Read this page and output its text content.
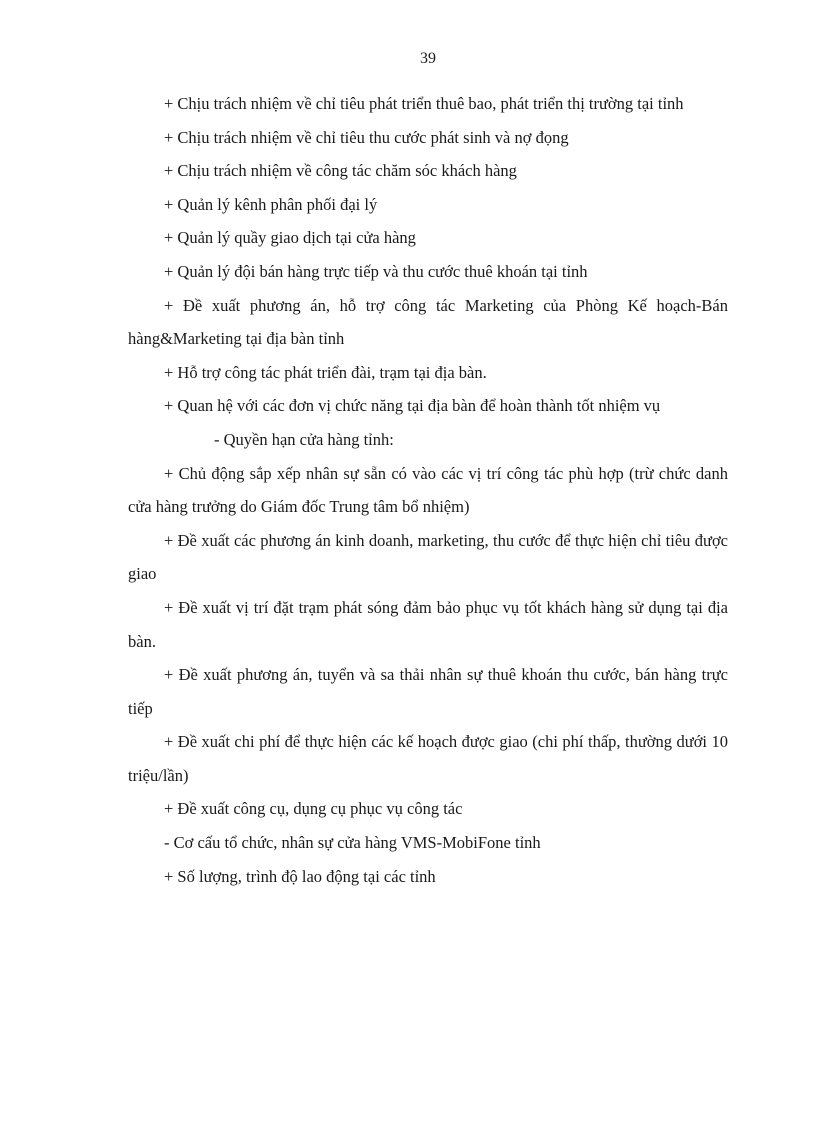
39

+ Chịu trách nhiệm về chỉ tiêu phát triển thuê bao, phát triển thị trường tại tỉnh

+ Chịu trách nhiệm về chỉ tiêu thu cước phát sinh và nợ đọng

+ Chịu trách nhiệm về công tác chăm sóc khách hàng

+ Quản lý kênh phân phối đại lý

+ Quản lý quầy giao dịch tại cửa hàng

+ Quản lý đội bán hàng trực tiếp và thu cước thuê khoán tại tỉnh

+ Đề xuất phương án, hỗ trợ công tác Marketing của Phòng Kế hoạch-Bán hàng&Marketing tại địa bàn tỉnh

+ Hỗ trợ công tác phát triển đài, trạm tại địa bàn.

+ Quan hệ với các đơn vị chức năng tại địa bàn để hoàn thành tốt nhiệm vụ

- Quyền hạn cửa hàng tỉnh:

+ Chủ động sắp xếp nhân sự sẵn có vào các vị trí công tác phù hợp (trừ chức danh cửa hàng trưởng do Giám đốc Trung tâm bổ nhiệm)

+ Đề xuất các phương án kinh doanh, marketing, thu cước để thực hiện chỉ tiêu được giao

+ Đề xuất vị trí đặt trạm phát sóng đảm bảo phục vụ tốt khách hàng sử dụng tại địa bàn.

+ Đề xuất phương án, tuyển và sa thải nhân sự thuê khoán thu cước, bán hàng trực tiếp

+ Đề xuất chi phí để thực hiện các kế hoạch được giao (chi phí thấp, thường dưới 10 triệu/lần)

+ Đề xuất công cụ, dụng cụ phục vụ công tác

- Cơ cấu tổ chức, nhân sự cửa hàng VMS-MobiFone tỉnh

+ Số lượng, trình độ lao động tại các tỉnh
